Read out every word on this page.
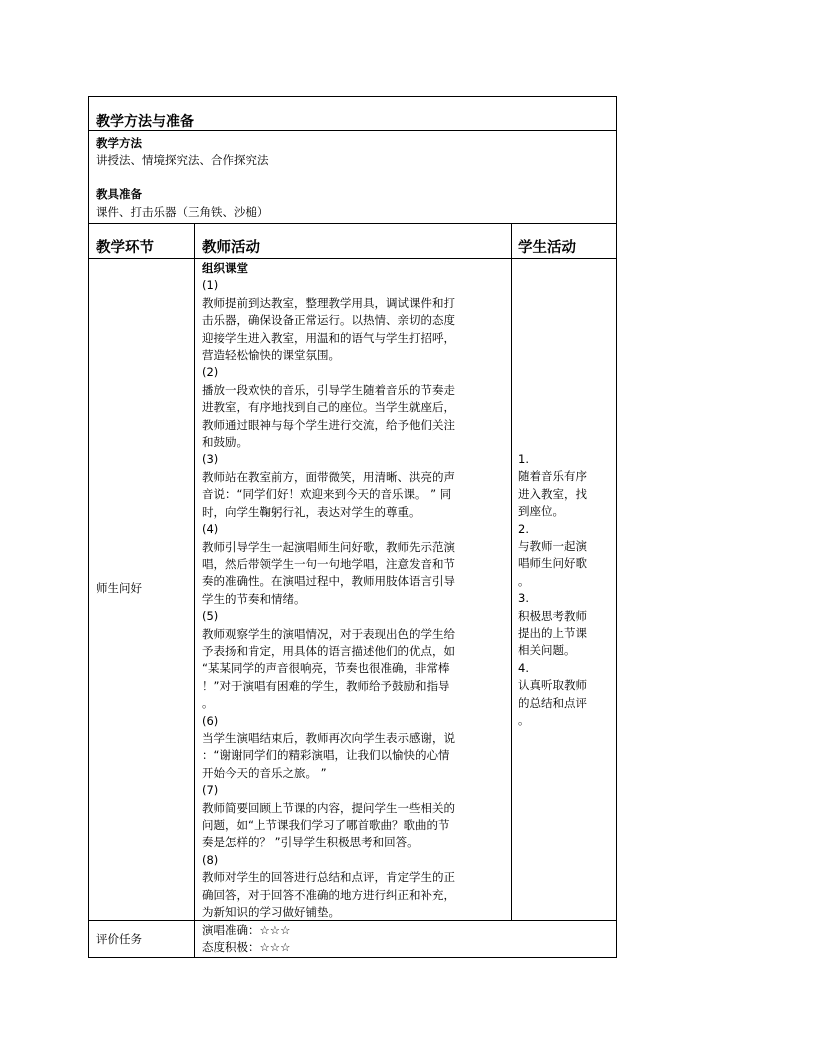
教学方法与准备
教学方法
讲授法、情境探究法、合作探究法
教具准备
课件、打击乐器（三角铁、沙槌）
教学环节	教师活动	学生活动
师生问好
组织课堂
(1)
教师提前到达教室，整理教学用具，调试课件和打
击乐器，确保设备正常运行。以热情、亲切的态度
迎接学生进入教室，用温和的语气与学生打招呼，
营造轻松愉快的课堂氛围。
(2)
播放一段欢快的音乐，引导学生随着音乐的节奏走
进教室，有序地找到自己的座位。当学生就座后，
教师通过眼神与每个学生进行交流，给予他们关注
和鼓励。
(3)
教师站在教室前方，面带微笑，用清晰、洪亮的声
音说：“同学们好！欢迎来到今天的音乐课。 ” 同
时，向学生鞠躬行礼，表达对学生的尊重。
(4)
教师引导学生一起演唱师生问好歌，教师先示范演
唱，然后带领学生一句一句地学唱，注意发音和节
奏的准确性。在演唱过程中，教师用肢体语言引导
学生的节奏和情绪。
(5)
教师观察学生的演唱情况，对于表现出色的学生给
予表扬和肯定，用具体的语言描述他们的优点，如
“某某同学的声音很响亮，节奏也很准确，非常棒
！”对于演唱有困难的学生，教师给予鼓励和指导
。
(6)
当学生演唱结束后，教师再次向学生表示感谢，说
：“谢谢同学们的精彩演唱，让我们以愉快的心情
开始今天的音乐之旅。 ”
(7)
教师简要回顾上节课的内容，提问学生一些相关的
问题，如“上节课我们学习了哪首歌曲？歌曲的节
奏是怎样的？ ”引导学生积极思考和回答。
(8)
教师对学生的回答进行总结和点评，肯定学生的正
确回答，对于回答不准确的地方进行纠正和补充，
为新知识的学习做好铺垫。
1.
随着音乐有序
进入教室，找
到座位。
2.
与教师一起演
唱师生问好歌
。
3.
积极思考教师
提出的上节课
相关问题。
4.
认真听取教师
的总结和点评
。
评价任务
演唱准确：☆☆☆
态度积极：☆☆☆
